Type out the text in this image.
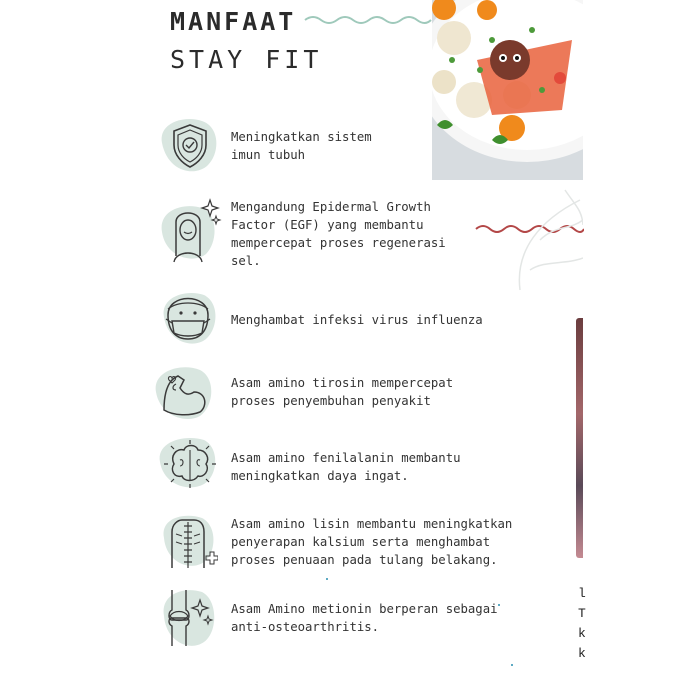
MANFAAT
STAY FIT
l
T
k
k
Meningkatkan sistem
imun tubuh
Mengandung Epidermal Growth
Factor (EGF) yang membantu
mempercepat proses regenerasi
sel.
Menghambat infeksi virus influenza
Asam amino tirosin mempercepat
proses penyembuhan penyakit
Asam amino fenilalanin membantu
meningkatkan daya ingat.
Asam amino lisin membantu meningkatkan
penyerapan kalsium serta menghambat
proses penuaan pada tulang belakang.
Asam Amino metionin berperan sebagai
anti-osteoarthritis.
